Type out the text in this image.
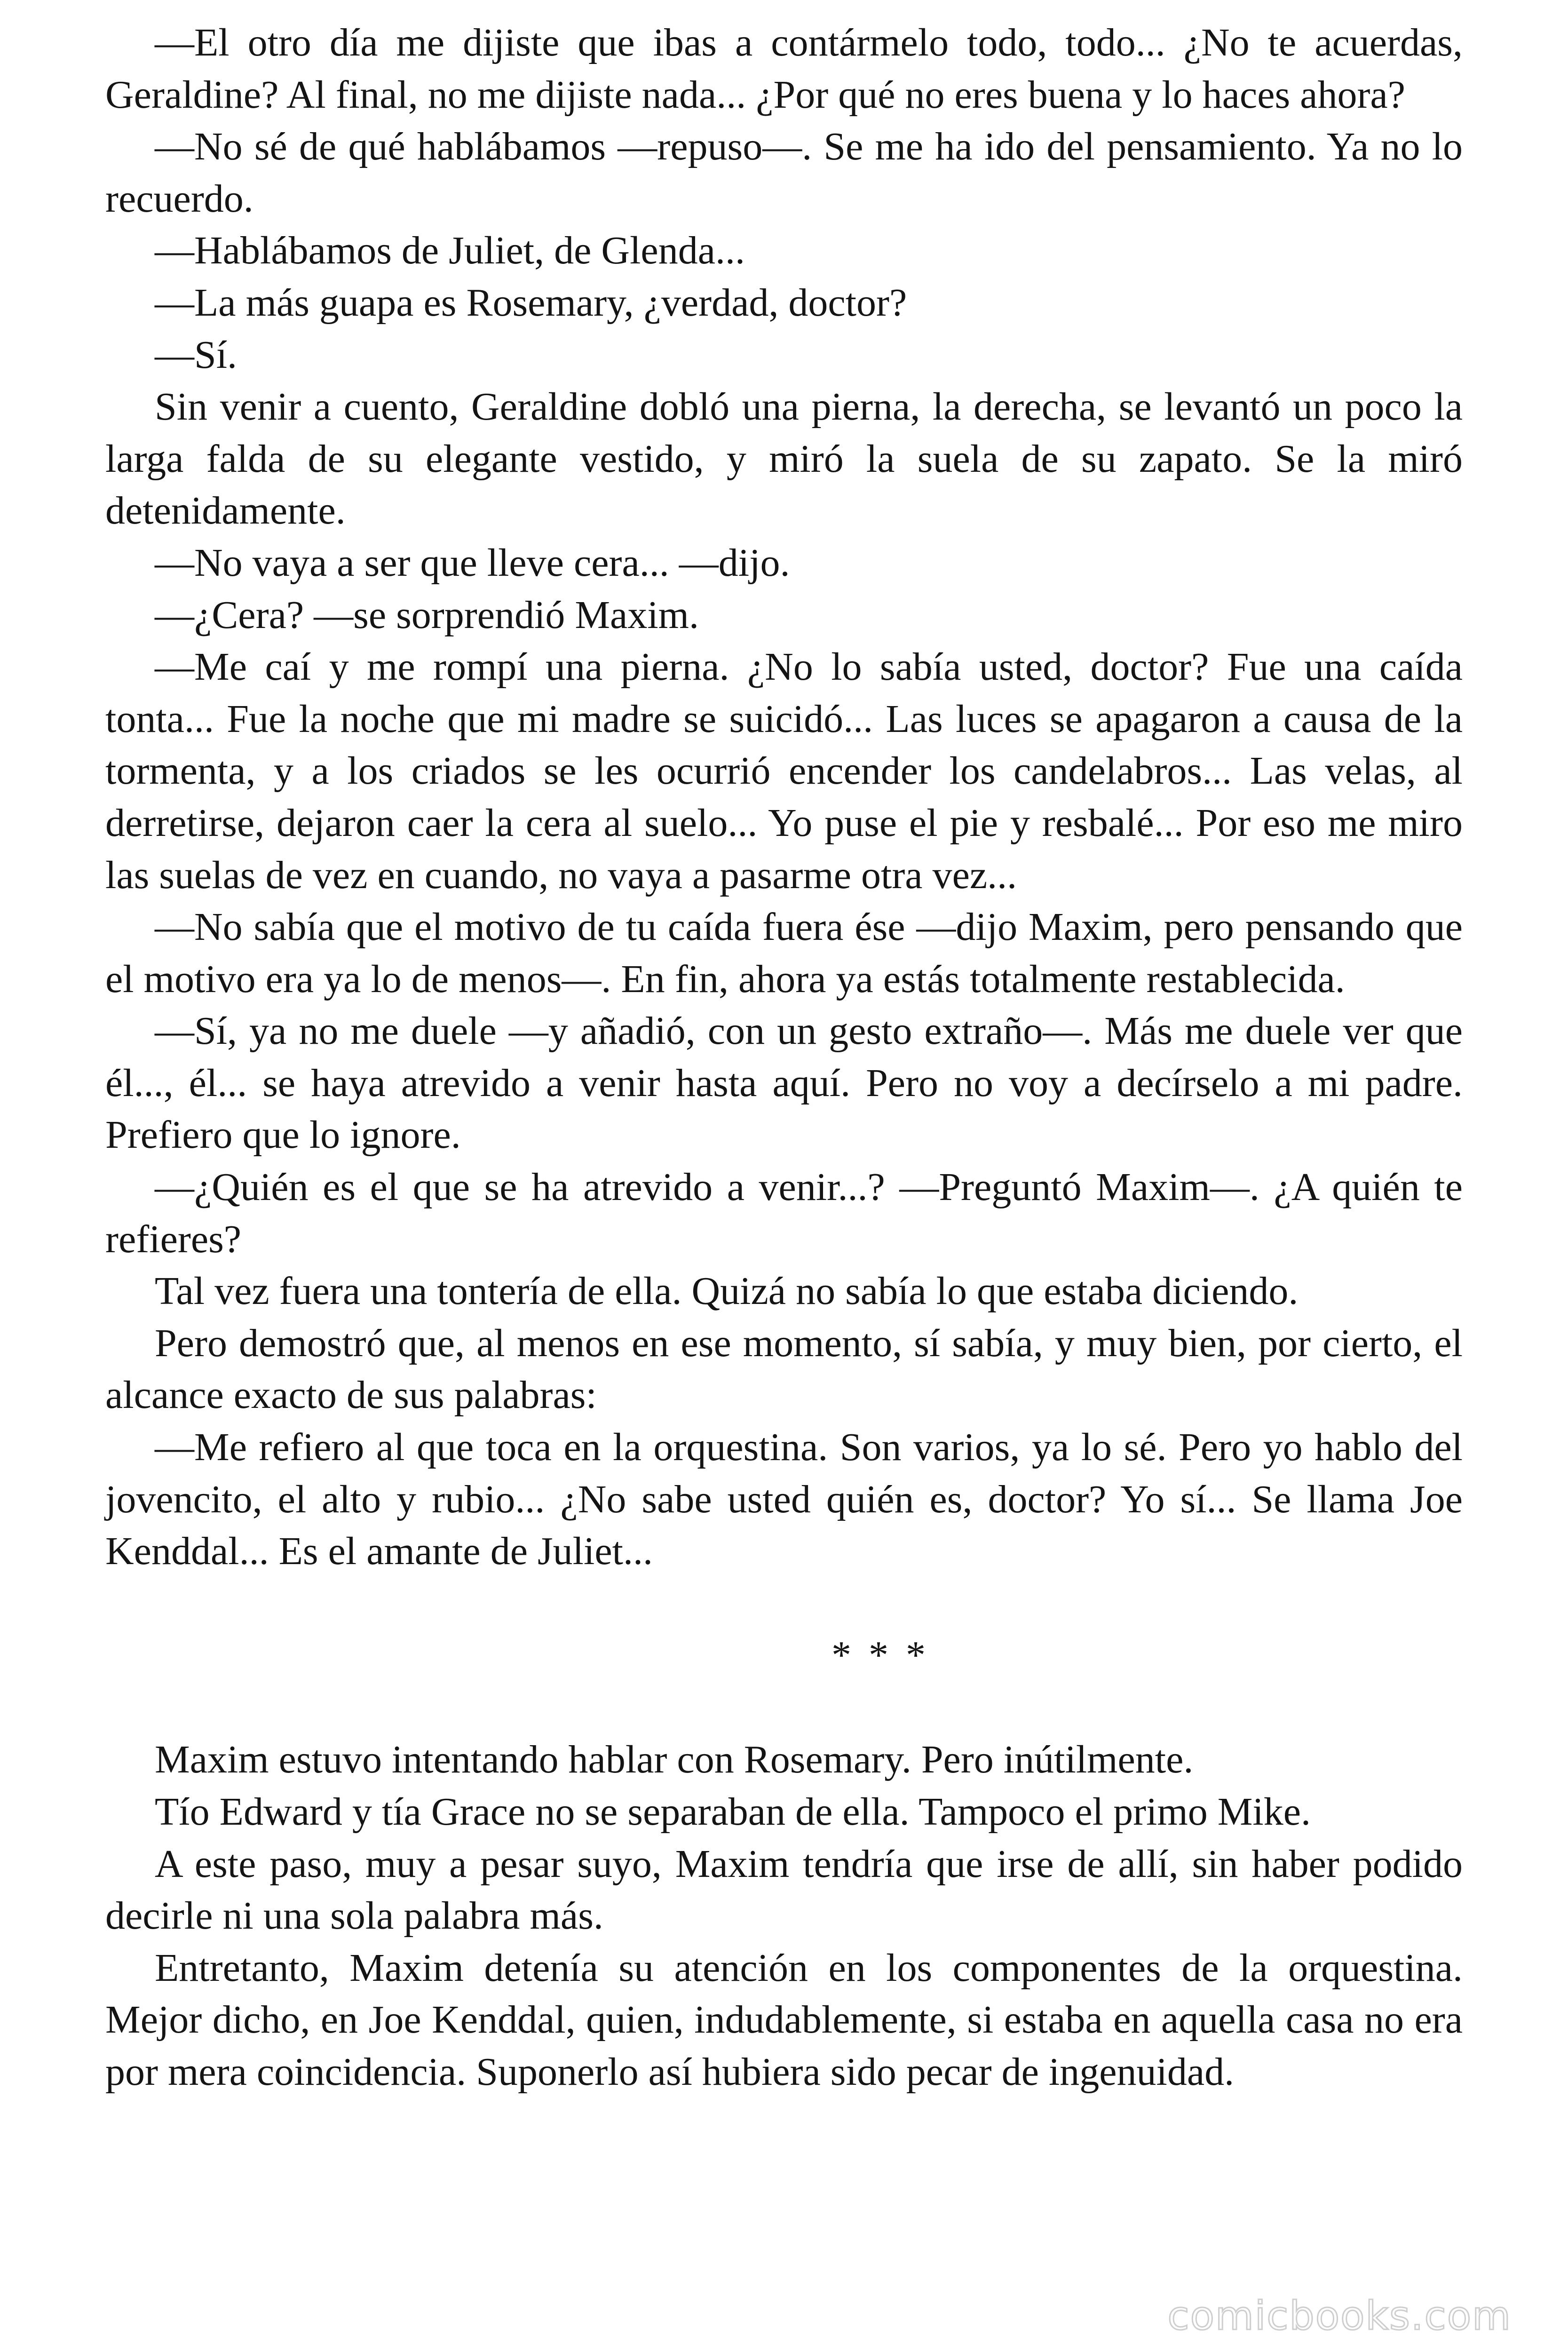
—El otro día me dijiste que ibas a contármelo todo, todo... ¿No te acuerdas, Geraldine? Al final, no me dijiste nada... ¿Por qué no eres buena y lo haces ahora?

—No sé de qué hablábamos —repuso—. Se me ha ido del pensamiento. Ya no lo recuerdo.

—Hablábamos de Juliet, de Glenda...

—La más guapa es Rosemary, ¿verdad, doctor?

—Sí.

Sin venir a cuento, Geraldine dobló una pierna, la derecha, se levantó un poco la larga falda de su elegante vestido, y miró la suela de su zapato. Se la miró detenidamente.

—No vaya a ser que lleve cera... —dijo.

—¿Cera? —se sorprendió Maxim.

—Me caí y me rompí una pierna. ¿No lo sabía usted, doctor? Fue una caída tonta... Fue la noche que mi madre se suicidó... Las luces se apagaron a causa de la tormenta, y a los criados se les ocurrió encender los candelabros... Las velas, al derretirse, dejaron caer la cera al suelo... Yo puse el pie y resbalé... Por eso me miro las suelas de vez en cuando, no vaya a pasarme otra vez...

—No sabía que el motivo de tu caída fuera ése —dijo Maxim, pero pensando que el motivo era ya lo de menos—. En fin, ahora ya estás totalmente restablecida.

—Sí, ya no me duele —y añadió, con un gesto extraño—. Más me duele ver que él..., él... se haya atrevido a venir hasta aquí. Pero no voy a decírselo a mi padre. Prefiero que lo ignore.

—¿Quién es el que se ha atrevido a venir...? —Preguntó Maxim—. ¿A quién te refieres?

Tal vez fuera una tontería de ella. Quizá no sabía lo que estaba diciendo.

Pero demostró que, al menos en ese momento, sí sabía, y muy bien, por cierto, el alcance exacto de sus palabras:

—Me refiero al que toca en la orquestina. Son varios, ya lo sé. Pero yo hablo del jovencito, el alto y rubio... ¿No sabe usted quién es, doctor? Yo sí... Se llama Joe Kenddal... Es el amante de Juliet...

* * *

Maxim estuvo intentando hablar con Rosemary. Pero inútilmente.

Tío Edward y tía Grace no se separaban de ella. Tampoco el primo Mike.

A este paso, muy a pesar suyo, Maxim tendría que irse de allí, sin haber podido decirle ni una sola palabra más.

Entretanto, Maxim detenía su atención en los componentes de la orquestina. Mejor dicho, en Joe Kenddal, quien, indudablemente, si estaba en aquella casa no era por mera coincidencia. Suponerlo así hubiera sido pecar de ingenuidad.

comicbooks.com
